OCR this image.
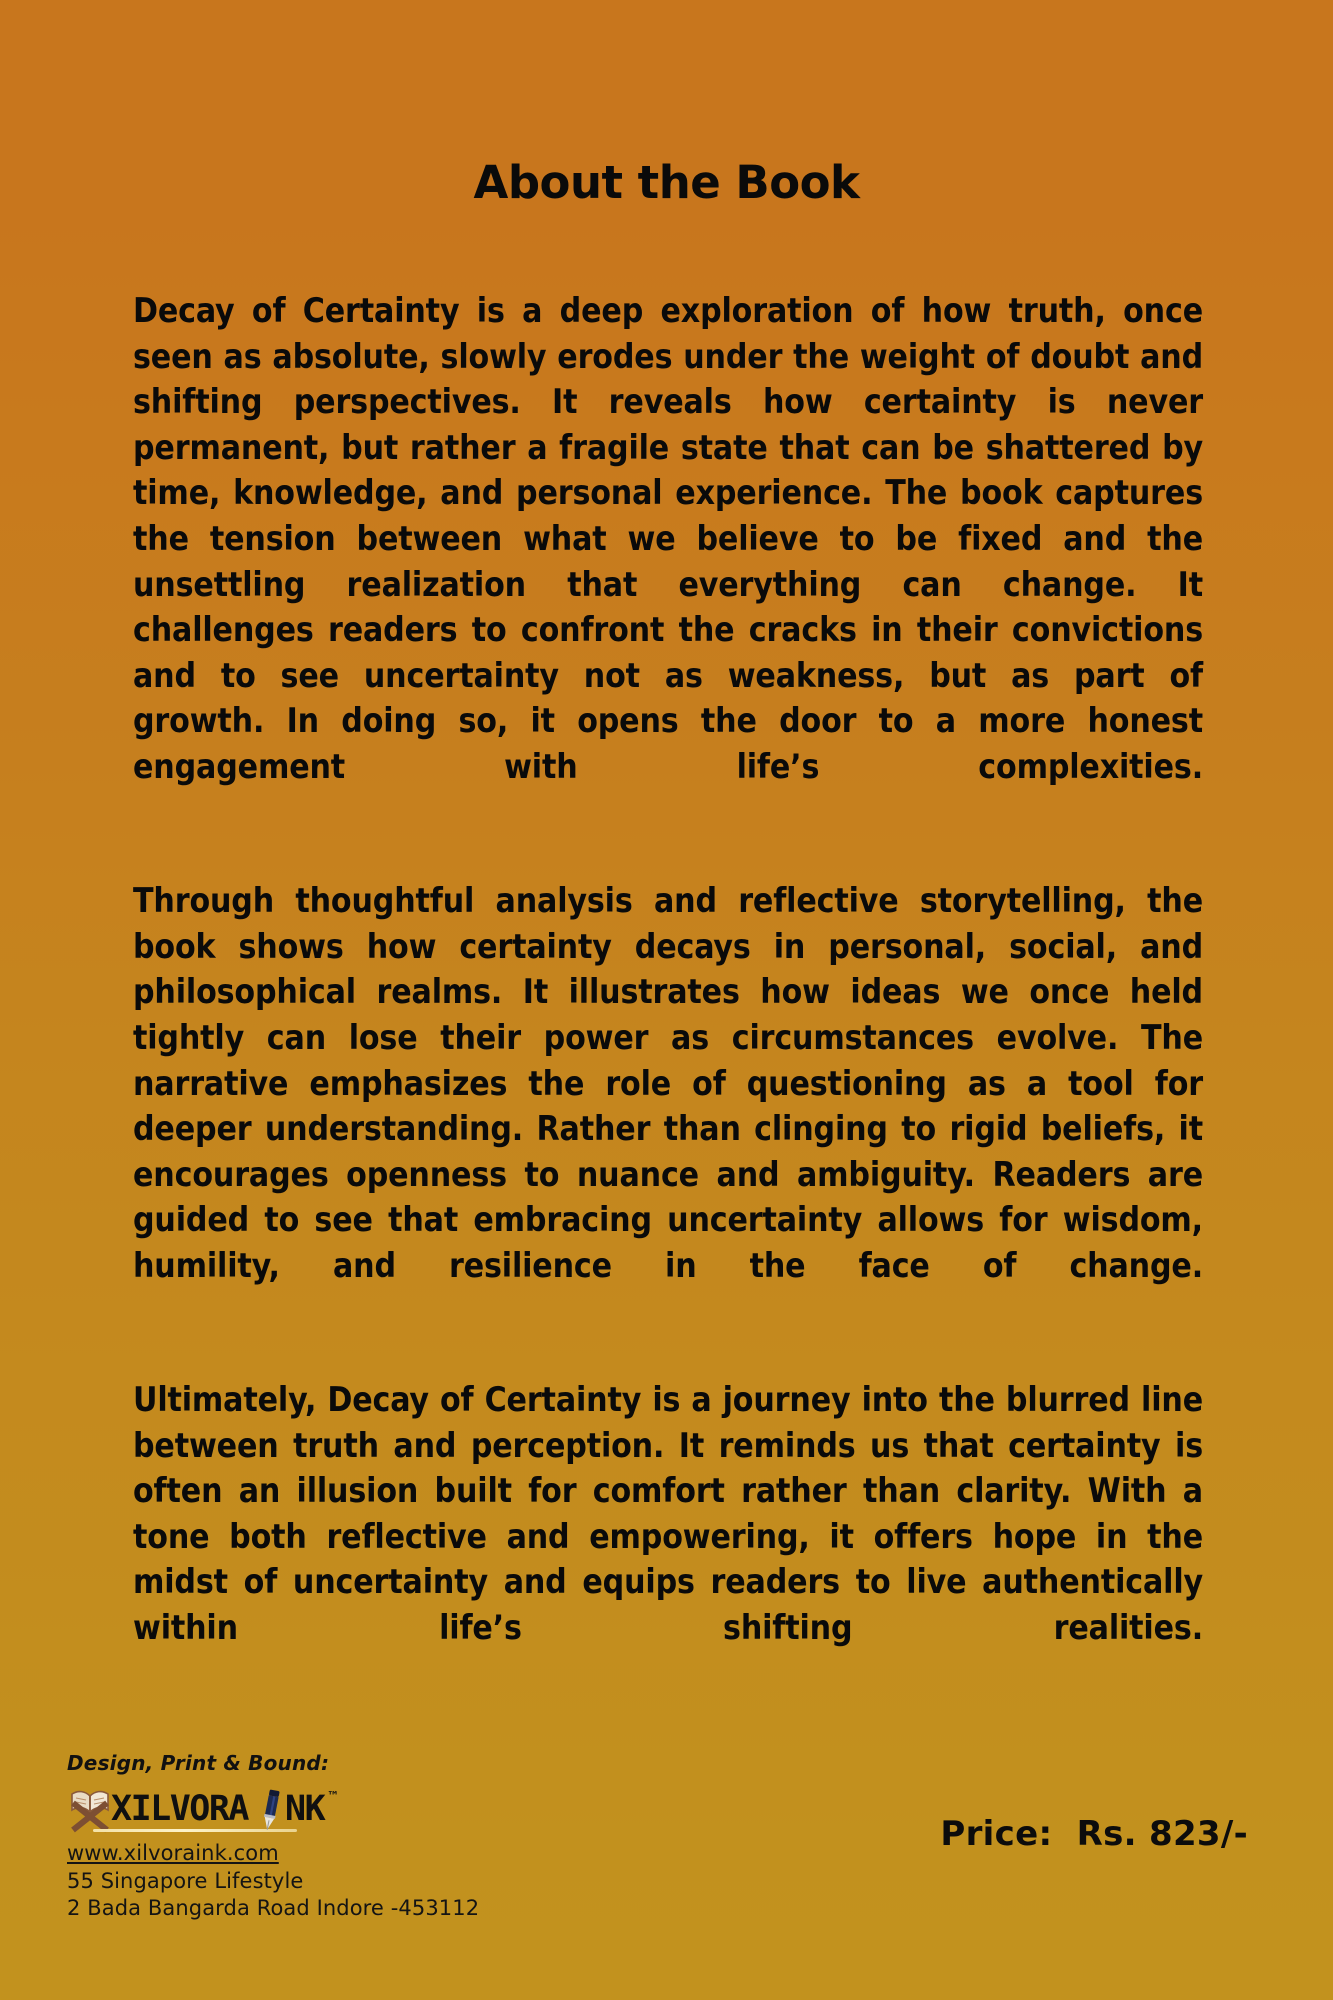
About the Book

Decay of Certainty is a deep exploration of how truth, once seen as absolute, slowly erodes under the weight of doubt and shifting perspectives. It reveals how certainty is never permanent, but rather a fragile state that can be shattered by time, knowledge, and personal experience. The book captures the tension between what we believe to be fixed and the unsettling realization that everything can change. It challenges readers to confront the cracks in their convictions and to see uncertainty not as weakness, but as part of growth. In doing so, it opens the door to a more honest engagement with life’s complexities.

Through thoughtful analysis and reflective storytelling, the book shows how certainty decays in personal, social, and philosophical realms. It illustrates how ideas we once held tightly can lose their power as circumstances evolve. The narrative emphasizes the role of questioning as a tool for deeper understanding. Rather than clinging to rigid beliefs, it encourages openness to nuance and ambiguity. Readers are guided to see that embracing uncertainty allows for wisdom, humility, and resilience in the face of change.

Ultimately, Decay of Certainty is a journey into the blurred line between truth and perception. It reminds us that certainty is often an illusion built for comfort rather than clarity. With a tone both reflective and empowering, it offers hope in the midst of uncertainty and equips readers to live authentically within life’s shifting realities.

Design, Print & Bound:

XILVORA NK ™
www.xilvoraink.com

55 Singapore Lifestyle

2 Bada Bangarda Road Indore -453112

Price:  Rs. 823/-
